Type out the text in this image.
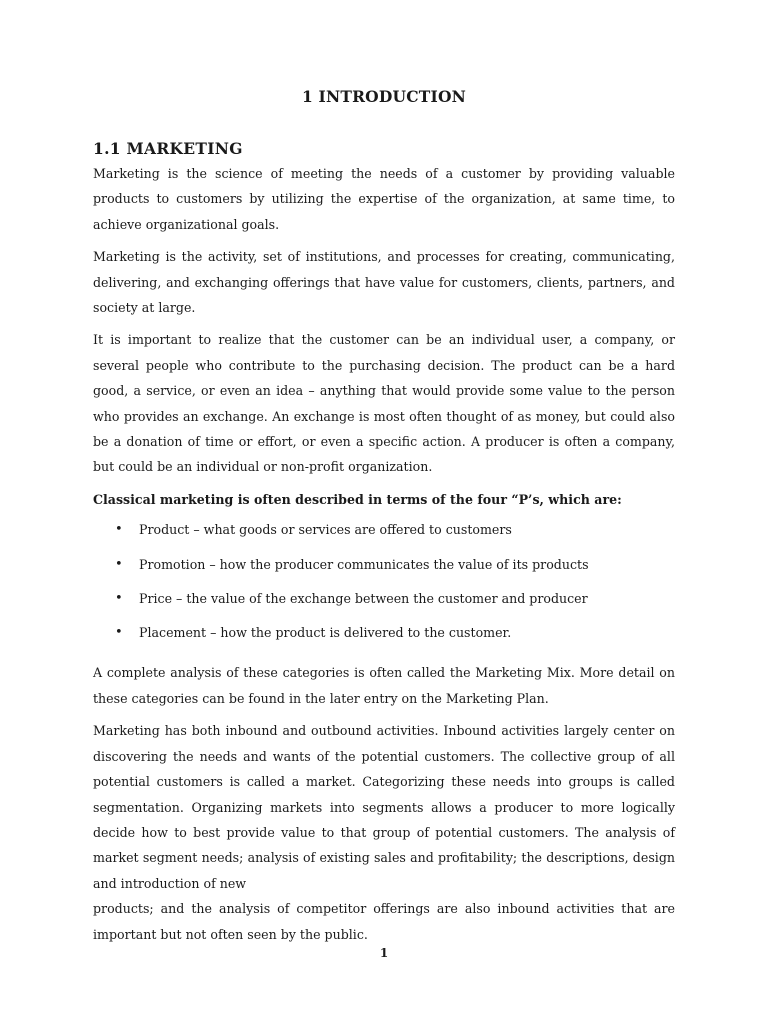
1 INTRODUCTION
1.1 MARKETING

Marketing is the science of meeting the needs of a customer by providing valuable products to customers by utilizing the expertise of the organization, at same time, to achieve organizational goals.

Marketing is the activity, set of institutions, and processes for creating, communicating, delivering, and exchanging offerings that have value for customers, clients, partners, and society at large.

It is important to realize that the customer can be an individual user, a company, or several people who contribute to the purchasing decision. The product can be a hard good, a service, or even an idea – anything that would provide some value to the person who provides an exchange. An exchange is most often thought of as money, but could also be a donation of time or effort, or even a specific action. A producer is often a company, but could be an individual or non-profit organization.

Classical marketing is often described in terms of the four “P’s, which are:

• Product – what goods or services are offered to customers
• Promotion – how the producer communicates the value of its products
• Price – the value of the exchange between the customer and producer
• Placement – how the product is delivered to the customer.

A complete analysis of these categories is often called the Marketing Mix. More detail on these categories can be found in the later entry on the Marketing Plan.

Marketing has both inbound and outbound activities. Inbound activities largely center on discovering the needs and wants of the potential customers. The collective group of all potential customers is called a market. Categorizing these needs into groups is called segmentation. Organizing markets into segments allows a producer to more logically decide how to best provide value to that group of potential customers. The analysis of market segment needs; analysis of existing sales and profitability; the descriptions, design and introduction of new

products; and the analysis of competitor offerings are also inbound activities that are important but not often seen by the public.

1
